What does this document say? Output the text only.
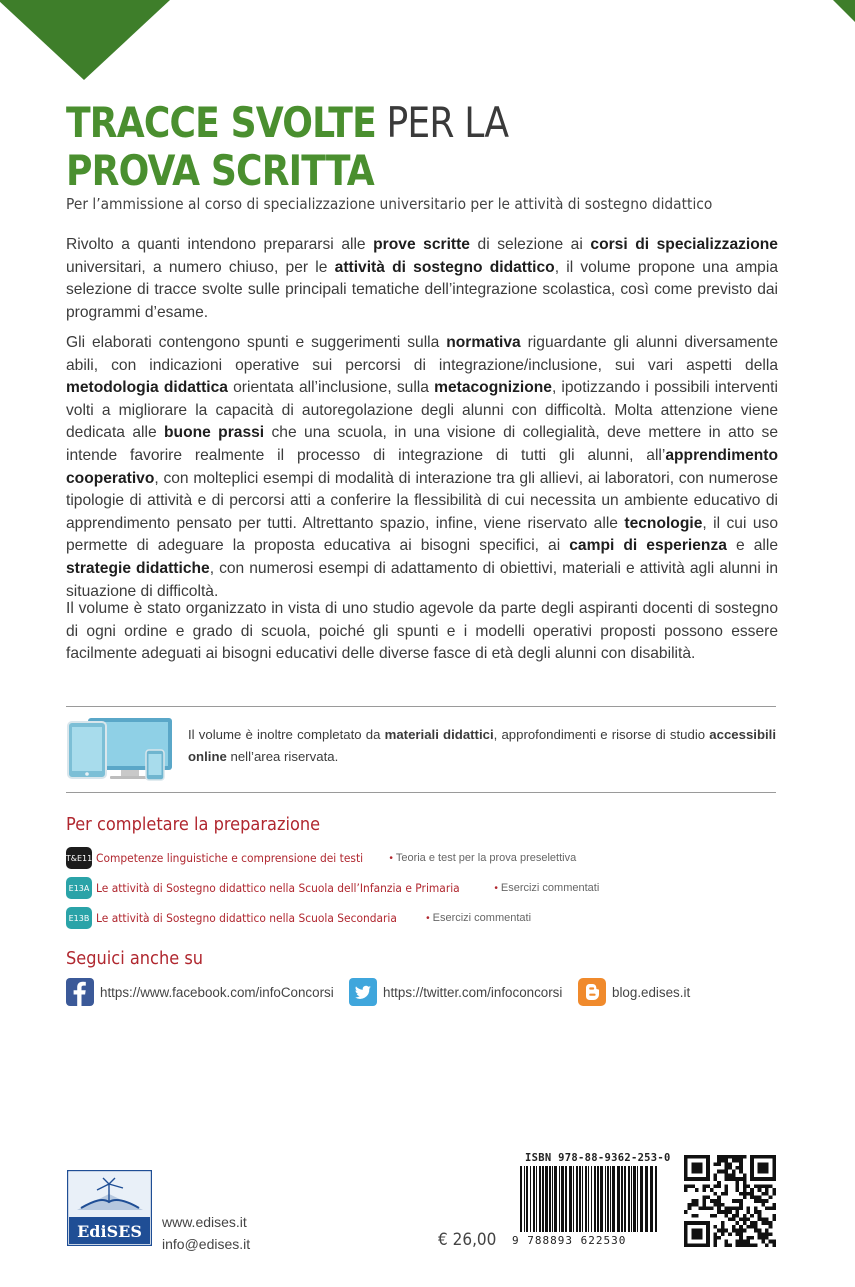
TRACCE SVOLTE PER LA
PROVA SCRITTA
Per l’ammissione al corso di specializzazione universitario per le attività di sostegno didattico
Rivolto a quanti intendono prepararsi alle prove scritte di selezione ai corsi di specializzazione universitari, a numero chiuso, per le attività di sostegno didattico, il volume propone una ampia selezione di tracce svolte sulle principali tematiche dell’integrazione scolastica, così come previsto dai programmi d’esame.
Gli elaborati contengono spunti e suggerimenti sulla normativa riguardante gli alunni diversamente abili, con indicazioni operative sui percorsi di integrazione/inclusione, sui vari aspetti della metodologia didattica orientata all’inclusione, sulla metacognizione, ipotizzando i possibili interventi volti a migliorare la capacità di autoregolazione degli alunni con difficoltà. Molta attenzione viene dedicata alle buone prassi che una scuola, in una visione di collegialità, deve mettere in atto se intende favorire realmente il processo di integrazione di tutti gli alunni, all’apprendimento cooperativo, con molteplici esempi di modalità di interazione tra gli allievi, ai laboratori, con numerose tipologie di attività e di percorsi atti a conferire la flessibilità di cui necessita un ambiente educativo di apprendimento pensato per tutti. Altrettanto spazio, infine, viene riservato alle tecnologie, il cui uso permette di adeguare la proposta educativa ai bisogni specifici, ai campi di esperienza e alle strategie didattiche, con numerosi esempi di adattamento di obiettivi, materiali e attività agli alunni in situazione di difficoltà.
Il volume è stato organizzato in vista di uno studio agevole da parte degli aspiranti docenti di sostegno di ogni ordine e grado di scuola, poiché gli spunti e i modelli operativi proposti possono essere facilmente adeguati ai bisogni educativi delle diverse fasce di età degli alunni con disabilità.
Il volume è inoltre completato da materiali didattici, approfondimenti e risorse di studio accessibili online nell’area riservata.
Per completare la preparazione
T&E11 Competenze linguistiche e comprensione dei testi	• Teoria e test per la prova preselettiva
E13A Le attività di Sostegno didattico nella Scuola dell’Infanzia e Primaria	• Esercizi commentati
E13B Le attività di Sostegno didattico nella Scuola Secondaria	• Esercizi commentati
Seguici anche su
https://www.facebook.com/infoConcorsi	https://twitter.com/infoconcorsi	blog.edises.it
EdiSES www.edises.it
info@edises.it	€ 26,00
ISBN 978-88-9362-253-0
9 788893 622530
